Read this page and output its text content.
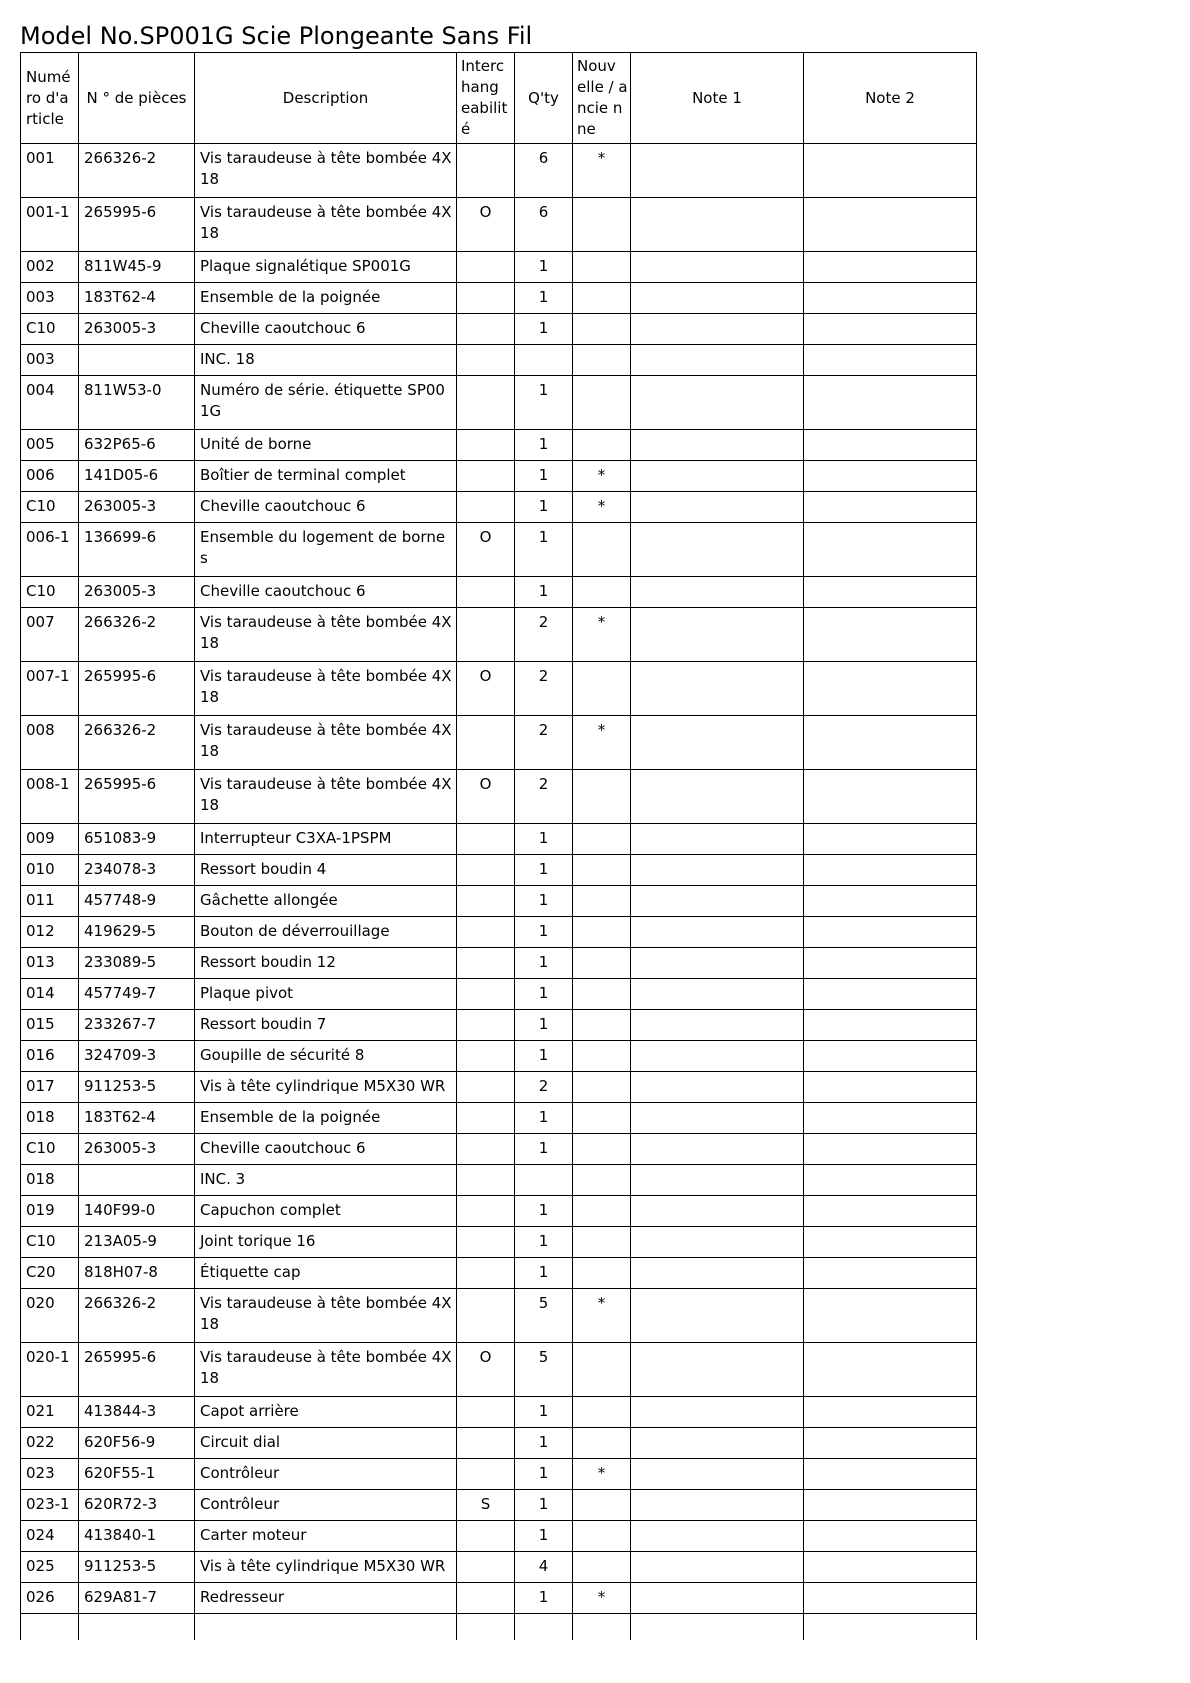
Model No.SP001G Scie Plongeante Sans Fil
Numé ro d'a rticle	N ° de pièces	Description	Interc hang eabilit é	Q'ty	Nouv elle / ancie nne	Note 1	Note 2
001	266326-2	Vis taraudeuse à tête bombée 4X 18		6	*		
001-1	265995-6	Vis taraudeuse à tête bombée 4X 18	O	6			
002	811W45-9	Plaque signalétique SP001G		1			
003	183T62-4	Ensemble de la poignée		1			
C10	263005-3	Cheville caoutchouc 6		1			
003		INC. 18					
004	811W53-0	Numéro de série. étiquette SP00 1G		1			
005	632P65-6	Unité de borne		1			
006	141D05-6	Boîtier de terminal complet		1	*		
C10	263005-3	Cheville caoutchouc 6		1	*		
006-1	136699-6	Ensemble du logement de borne s	O	1			
C10	263005-3	Cheville caoutchouc 6		1			
007	266326-2	Vis taraudeuse à tête bombée 4X 18		2	*		
007-1	265995-6	Vis taraudeuse à tête bombée 4X 18	O	2			
008	266326-2	Vis taraudeuse à tête bombée 4X 18		2	*		
008-1	265995-6	Vis taraudeuse à tête bombée 4X 18	O	2			
009	651083-9	Interrupteur C3XA-1PSPM		1			
010	234078-3	Ressort boudin 4		1			
011	457748-9	Gâchette allongée		1			
012	419629-5	Bouton de déverrouillage		1			
013	233089-5	Ressort boudin 12		1			
014	457749-7	Plaque pivot		1			
015	233267-7	Ressort boudin 7		1			
016	324709-3	Goupille de sécurité 8		1			
017	911253-5	Vis à tête cylindrique M5X30 WR		2			
018	183T62-4	Ensemble de la poignée		1			
C10	263005-3	Cheville caoutchouc 6		1			
018		INC. 3					
019	140F99-0	Capuchon complet		1			
C10	213A05-9	Joint torique 16		1			
C20	818H07-8	Étiquette cap		1			
020	266326-2	Vis taraudeuse à tête bombée 4X 18		5	*		
020-1	265995-6	Vis taraudeuse à tête bombée 4X 18	O	5			
021	413844-3	Capot arrière		1			
022	620F56-9	Circuit dial		1			
023	620F55-1	Contrôleur		1	*		
023-1	620R72-3	Contrôleur	S	1			
024	413840-1	Carter moteur		1			
025	911253-5	Vis à tête cylindrique M5X30 WR		4			
026	629A81-7	Redresseur		1	*		
